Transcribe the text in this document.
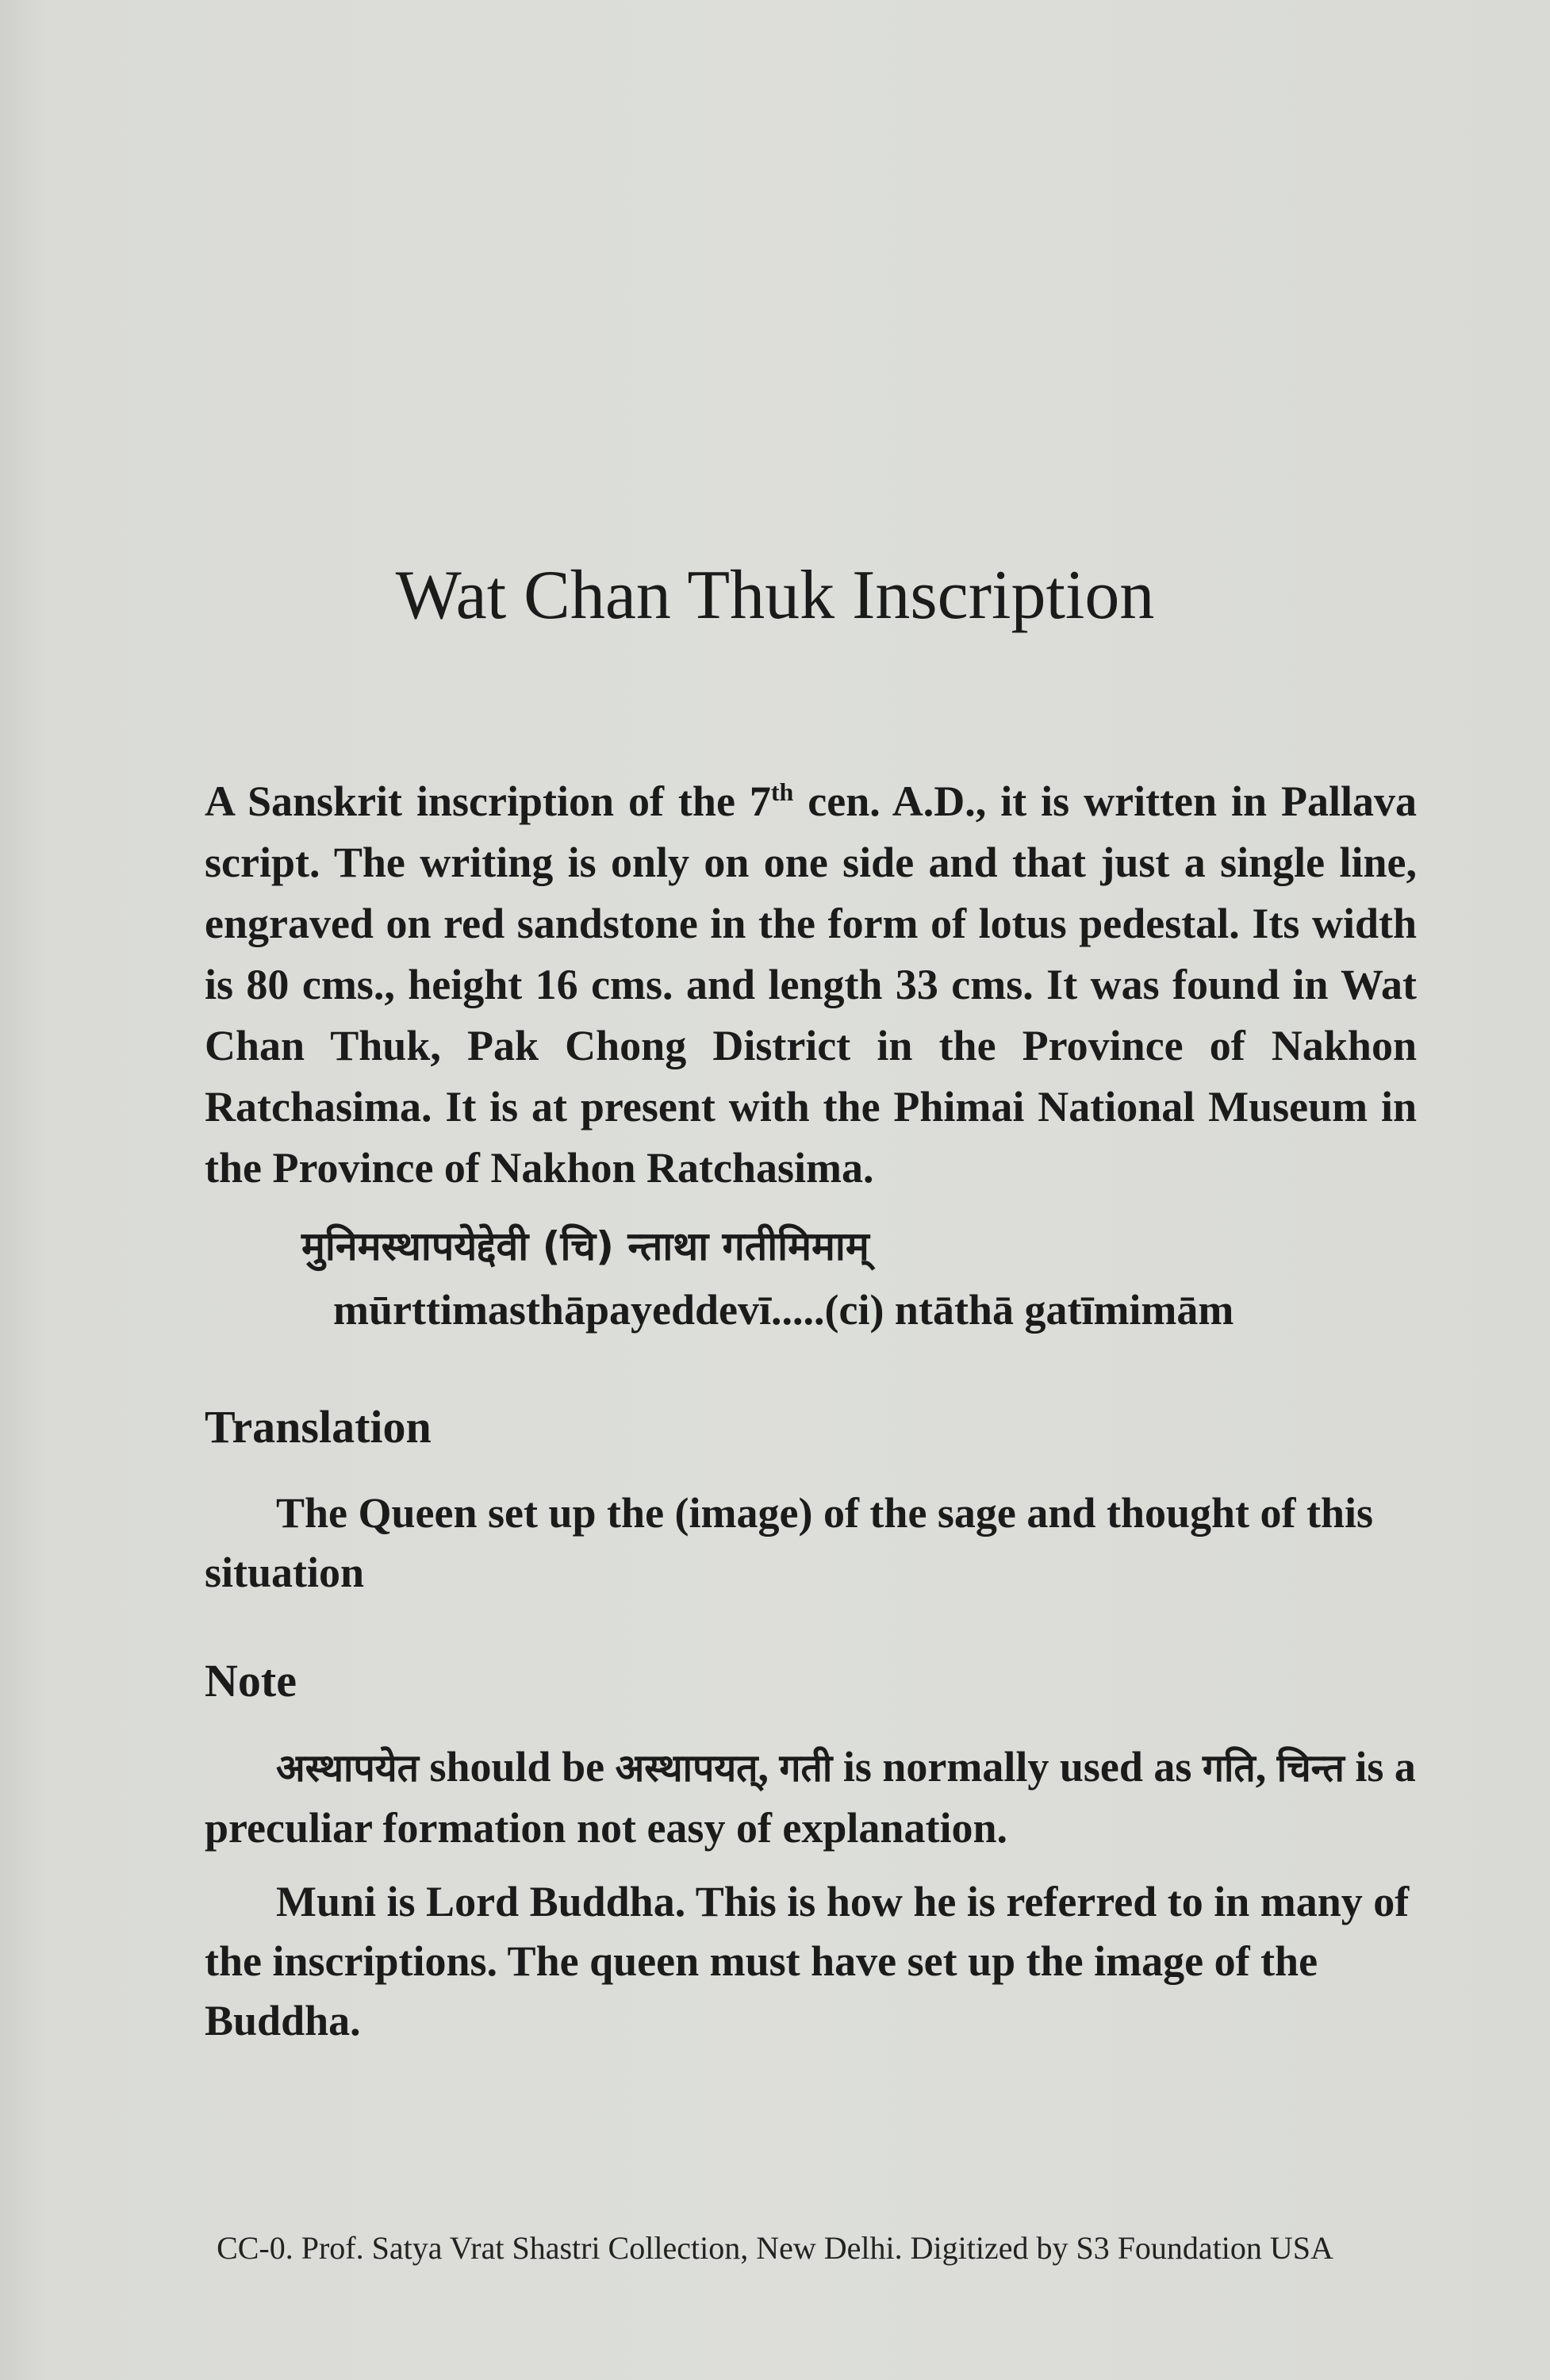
Wat Chan Thuk Inscription

A Sanskrit inscription of the 7th cen. A.D., it is written in Pallava script. The writing is only on one side and that just a single line, engraved on red sandstone in the form of lotus pedestal. Its width is 80 cms., height 16 cms. and length 33 cms. It was found in Wat Chan Thuk, Pak Chong District in the Province of Nakhon Ratchasima. It is at present with the Phimai National Museum in the Province of Nakhon Ratchasima.

मुनिमस्थापयेद्देवी (चि) न्ताथा गतीमिमाम्

mūrttimasthāpayeddevī.....(ci) ntāthā gatīmimām

Translation

The Queen set up the (image) of the sage and thought of this situation

Note

अस्थापयेत should be अस्थापयत्, गती is normally used as गति, चिन्त is a preculiar formation not easy of explanation.

Muni is Lord Buddha. This is how he is referred to in many of the inscriptions. The queen must have set up the image of the Buddha.

CC-0. Prof. Satya Vrat Shastri Collection, New Delhi. Digitized by S3 Foundation USA
